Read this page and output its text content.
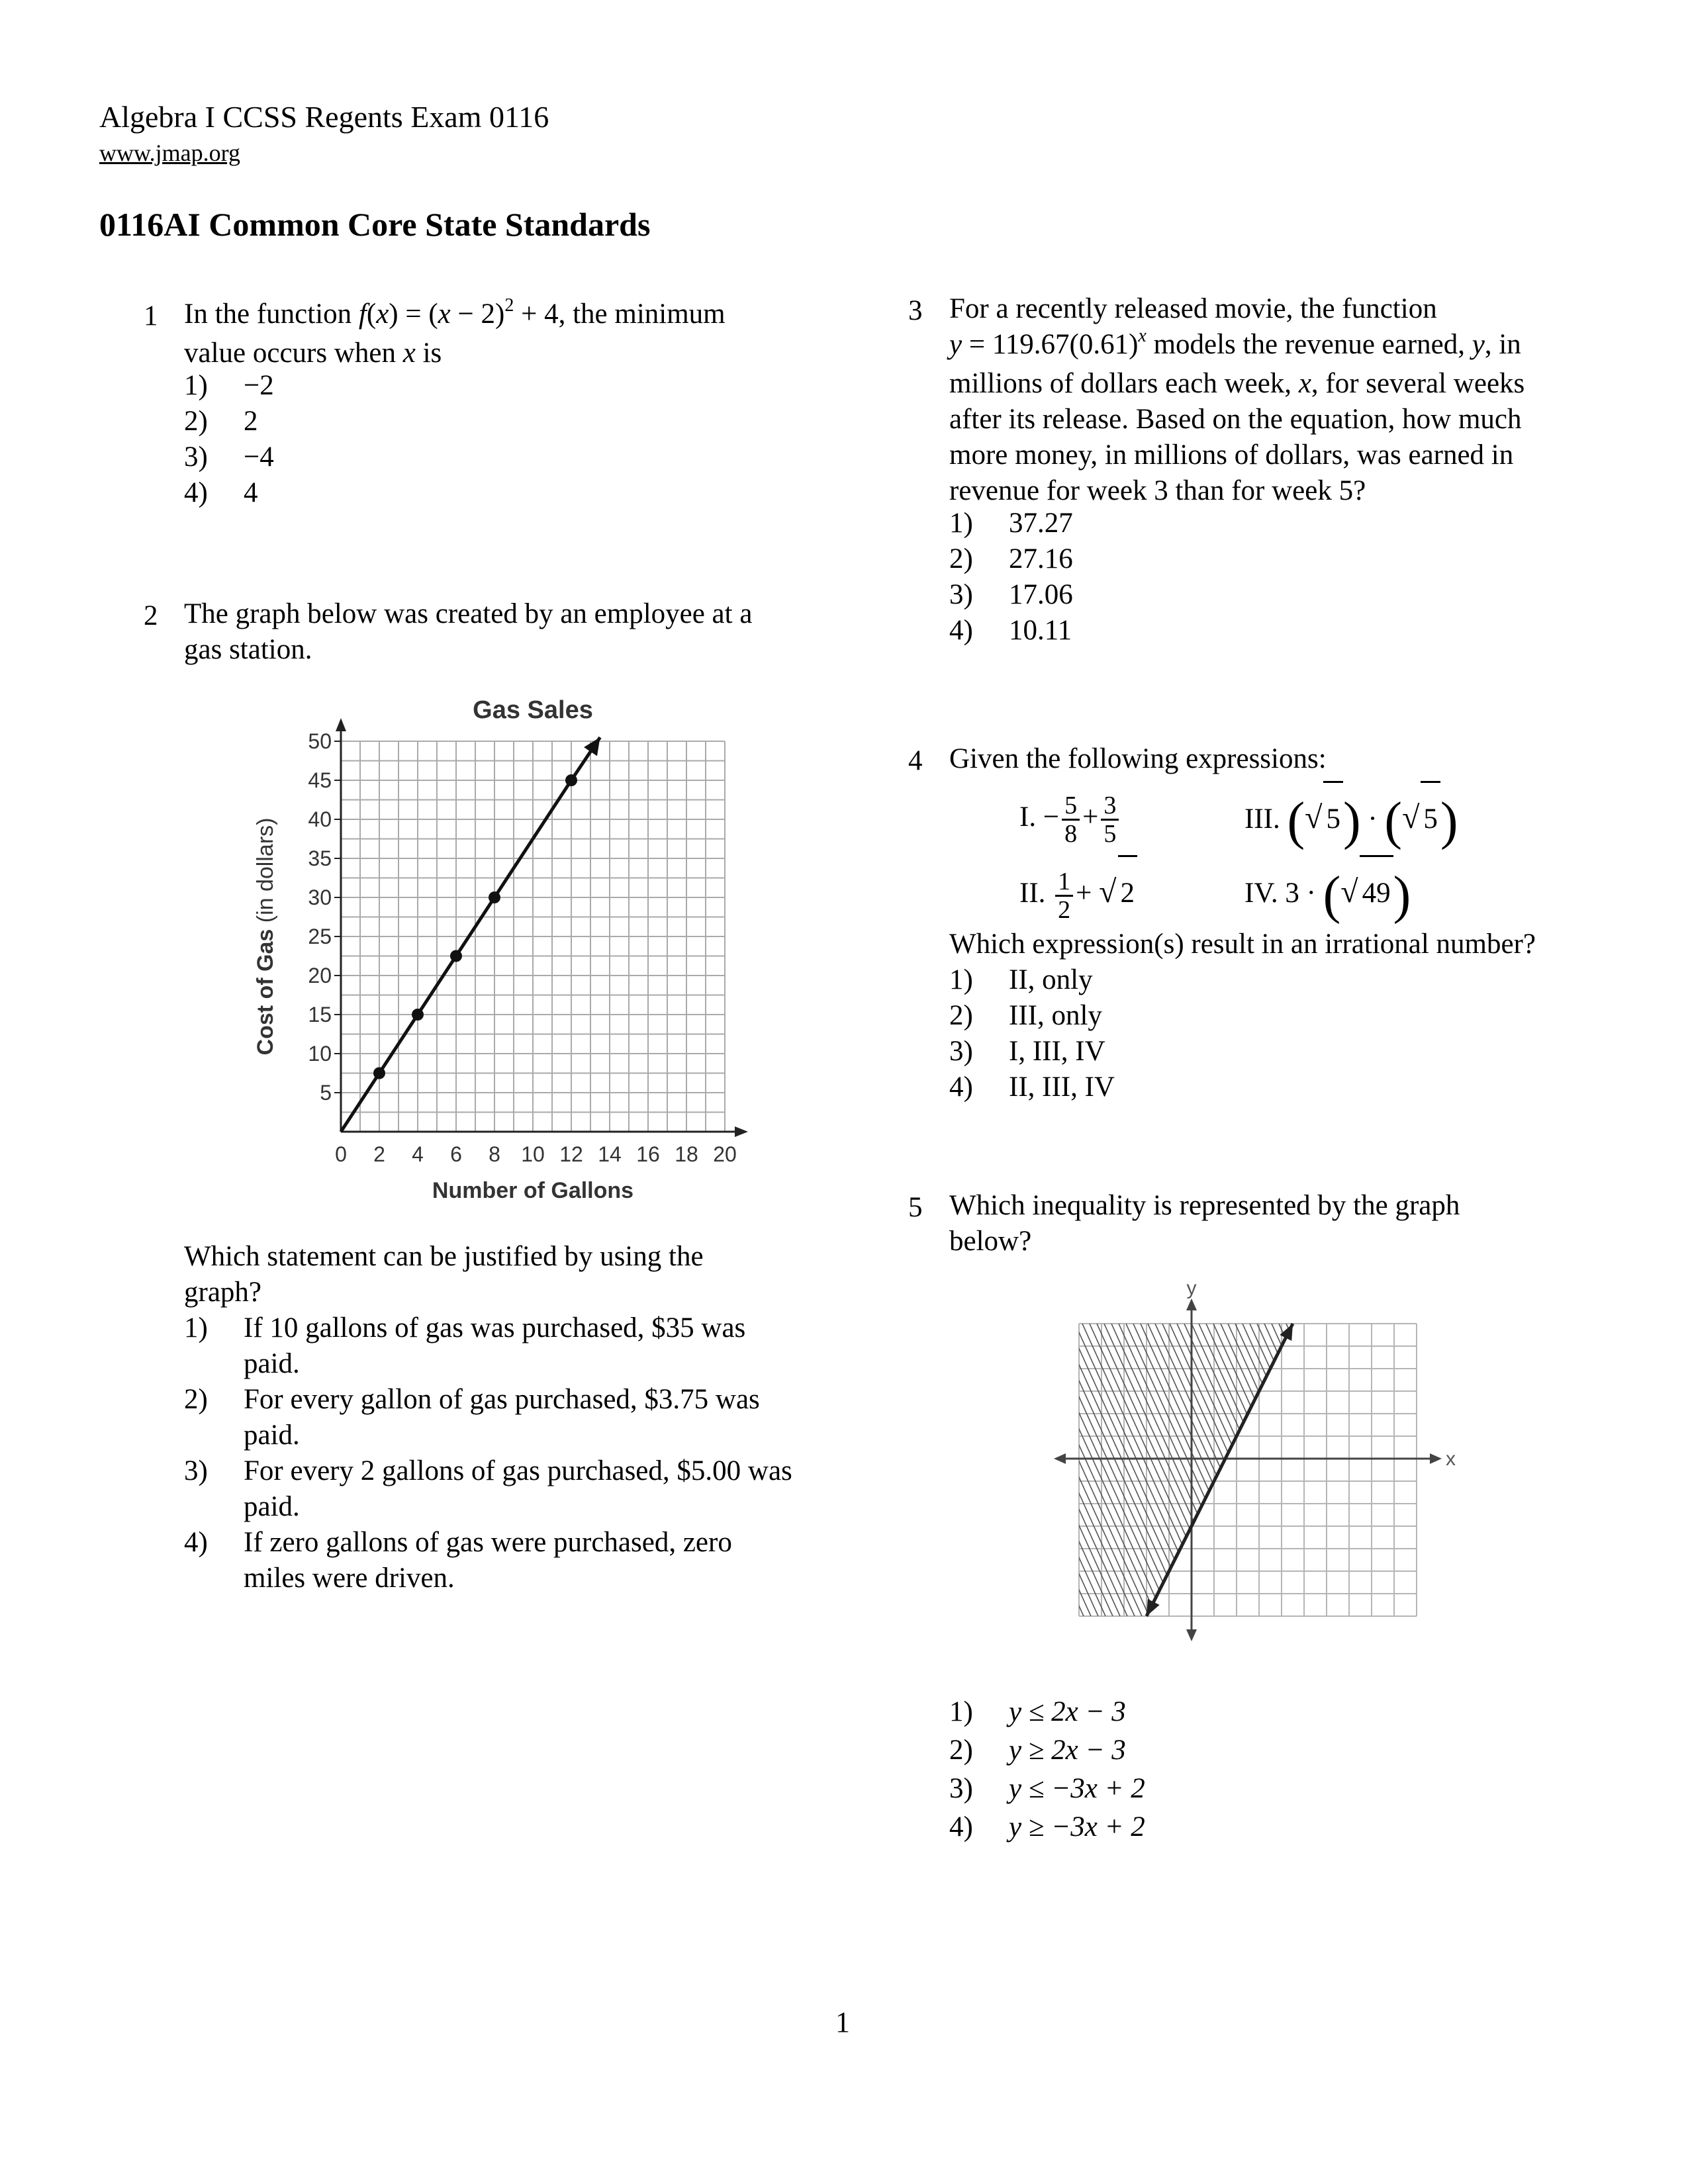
Algebra I CCSS Regents Exam 0116
www.jmap.org
0116AI Common Core State Standards
1 In the function $f(x) = (x - 2)^2 + 4$, the minimum
value occurs when x is
1) −2
2) 2
3) −4
4) 4
2 The graph below was created by an employee at a
gas station.
Gas Sales
0 2 4 6 8 10 12 14 16 18 20
5
10
15
20
25
30
35
40
45
50
Number of Gallons
Cost of Gas (in dollars)
Which statement can be justified by using the
graph?
1) If 10 gallons of gas was purchased, $35 was paid.
2) For every gallon of gas purchased, $3.75 was paid.
3) For every 2 gallons of gas purchased, $5.00 was paid.
4) If zero gallons of gas were purchased, zero miles were driven.
3 For a recently released movie, the function
$y = 119.67(0.61)^x$ models the revenue earned, y, in
millions of dollars each week, x, for several weeks
after its release. Based on the equation, how much
more money, in millions of dollars, was earned in
revenue for week 3 than for week 5?
1) 37.27
2) 27.16
3) 17.06
4) 10.11
4 Given the following expressions:
I. − $\frac{5}{8} + \frac{3}{5}$	III. (√ 5) · (√ 5)
II. $\frac{1}{2}$ + √ 2	IV. 3 · (√ 49)
Which expression(s) result in an irrational number?
1) II, only
2) III, only
3) I, III, IV
4) II, III, IV
5 Which inequality is represented by the graph
below?
x
y
1) y ≤ 2x − 3
2) y ≥ 2x − 3
3) y ≤ −3x + 2
4) y ≥ −3x + 2
1
